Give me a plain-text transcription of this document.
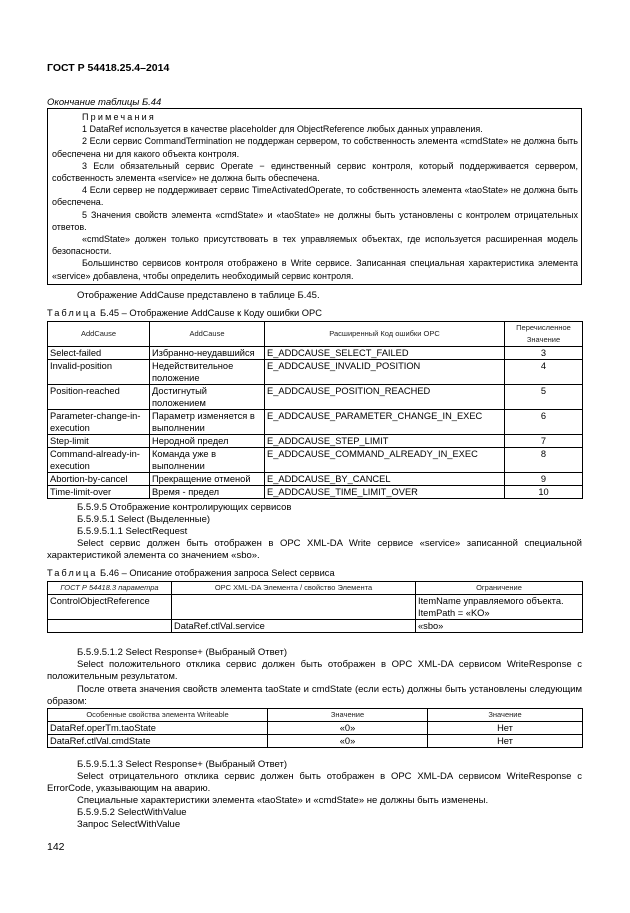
ГОСТ Р 54418.25.4–2014
Окончание таблицы Б.44

Примечания

1 DataRef используется в качестве placeholder для ObjectReference любых данных управления.

2 Если сервис CommandTermination не поддержан сервером, то собственность элемента «cmdState» не должна быть обеспечена ни для какого объекта контроля.

3 Если обязательный сервис Operate − единственный сервис контроля, который поддерживается сервером, собственность элемента «service» не должна быть обеспечена.

4 Если сервер не поддерживает сервис TimeActivatedOperate, то собственность элемента «taoState» не должна быть обеспечена.

5 Значения свойств элемента «cmdState» и «taoState» не должны быть установлены с контролем отрицательных ответов.

«cmdState» должен только присутствовать в тех управляемых объектах, где используется расширенная модель безопасности.

Большинство сервисов контроля отображено в Write сервисе. Записанная специальная характеристика элемента «service» добавлена, чтобы определить необходимый сервис контроля.

Отображение AddCause представлено в таблице Б.45.

Таблица Б.45 – Отображение AddCause к Коду ошибки OPC
AddCause	AddCause	Расширенный Код ошибки OPC	Перечисленное Значение
Select-failed	Избранно-неудавшийся	E_ADDCAUSE_SELECT_FAILED	3
Invalid-position	Недействительное положение	E_ADDCAUSE_INVALID_POSITION	4
Position-reached	Достигнутый положением	E_ADDCAUSE_POSITION_REACHED	5
Parameter-change-in-execution	Параметр изменяется в выполнении	E_ADDCAUSE_PARAMETER_CHANGE_IN_EXEC	6
Step-limit	Неродной предел	E_ADDCAUSE_STEP_LIMIT	7
Command-already-in-execution	Команда уже в выполнении	E_ADDCAUSE_COMMAND_ALREADY_IN_EXEC	8
Abortion-by-cancel	Прекращение отменой	E_ADDCAUSE_BY_CANCEL	9
Time-limit-over	Время - предел	E_ADDCAUSE_TIME_LIMIT_OVER	10

Б.5.9.5 Отображение контролирующих сервисов

Б.5.9.5.1 Select (Выделенные)

Б.5.9.5.1.1 SelectRequest

Select сервис должен быть отображен в OPC XML-DA Write сервисе «service» записанной специальной характеристикой элемента со значением «sbo».

Таблица Б.46 – Описание отображения запроса Select сервиса
ГОСТ Р 54418.3 параметра	OPC XML-DA Элемента / свойство Элемента	Ограничение
ControlObjectReference		ItemName управляемого объекта. ItemPath = «KO»
	DataRef.ctlVal.service	«sbo»

Б.5.9.5.1.2 Select Response+ (Выбраный Ответ)

Select положительного отклика сервис должен быть отображен в OPC XML-DA сервисом WriteResponse с положительным результатом.

После ответа значения свойств элемента taoState и cmdState (если есть) должны быть установлены следующим образом:

Особенные свойства элемента Writeable	Значение	Значение
DataRef.operTm.taoState	«0»	Нет
DataRef.ctlVal.cmdState	«0»	Нет

Б.5.9.5.1.3 Select Response+ (Выбраный Ответ)

Select отрицательного отклика сервис должен быть отображен в OPC XML-DA сервисом WriteResponse с ErrorCode, указывающим на аварию.

Специальные характеристики элемента «taoState» и «cmdState» не должны быть изменены.

Б.5.9.5.2 SelectWithValue

Запрос SelectWithValue

142
